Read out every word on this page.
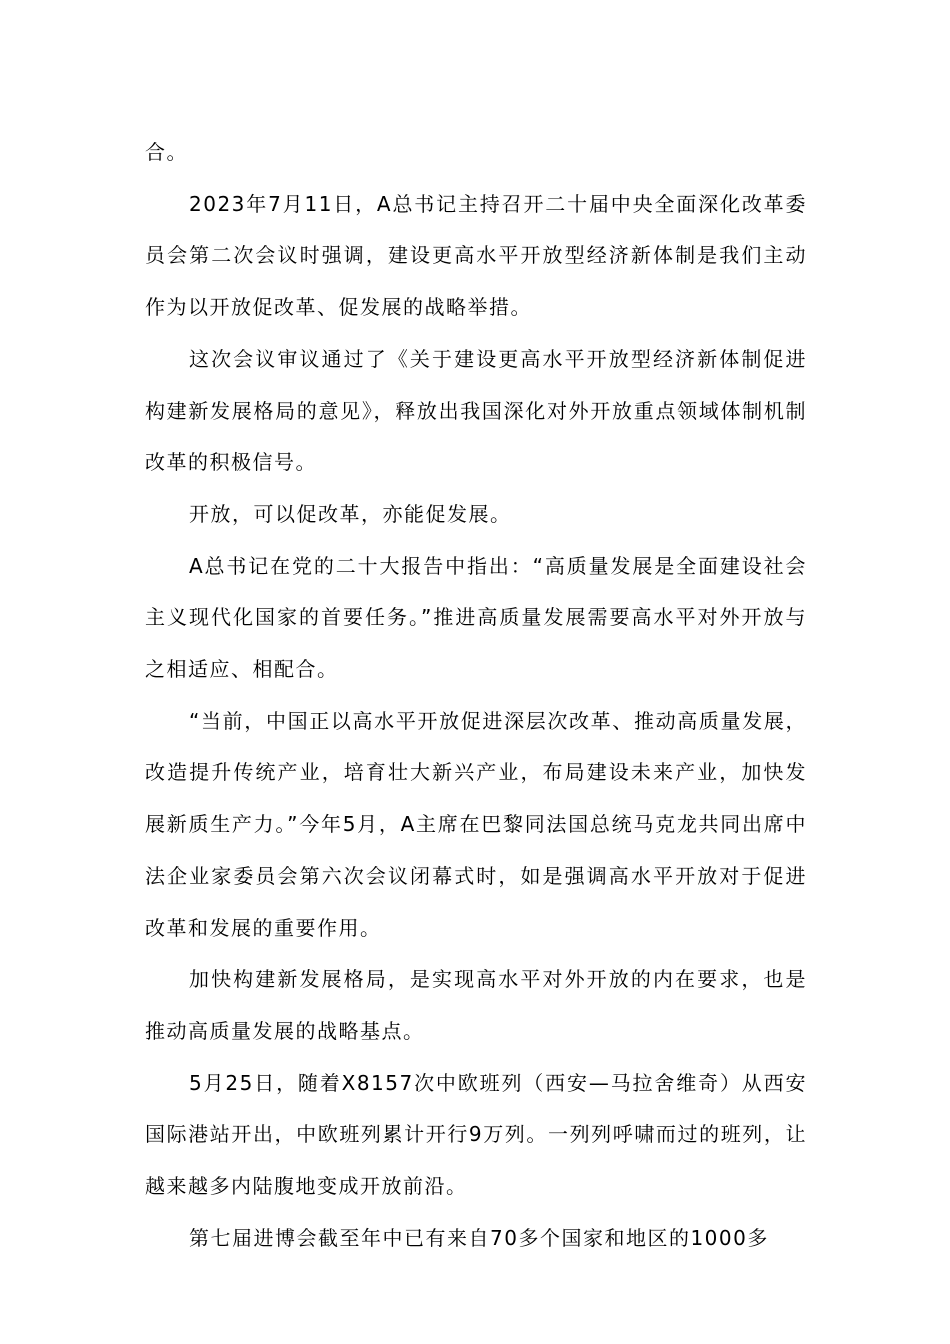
合。

2023年7月11日，A总书记主持召开二十届中央全面深化改革委员会第二次会议时强调，建设更高水平开放型经济新体制是我们主动作为以开放促改革、促发展的战略举措。

这次会议审议通过了《关于建设更高水平开放型经济新体制促进构建新发展格局的意见》，释放出我国深化对外开放重点领域体制机制改革的积极信号。

开放，可以促改革，亦能促发展。

A总书记在党的二十大报告中指出：“高质量发展是全面建设社会主义现代化国家的首要任务。”推进高质量发展需要高水平对外开放与之相适应、相配合。

“当前，中国正以高水平开放促进深层次改革、推动高质量发展，改造提升传统产业，培育壮大新兴产业，布局建设未来产业，加快发展新质生产力。”今年5月，A主席在巴黎同法国总统马克龙共同出席中法企业家委员会第六次会议闭幕式时，如是强调高水平开放对于促进改革和发展的重要作用。

加快构建新发展格局，是实现高水平对外开放的内在要求，也是推动高质量发展的战略基点。

5月25日，随着X8157次中欧班列（西安—马拉舍维奇）从西安国际港站开出，中欧班列累计开行9万列。一列列呼啸而过的班列，让越来越多内陆腹地变成开放前沿。

第七届进博会截至年中已有来自70多个国家和地区的1000多
